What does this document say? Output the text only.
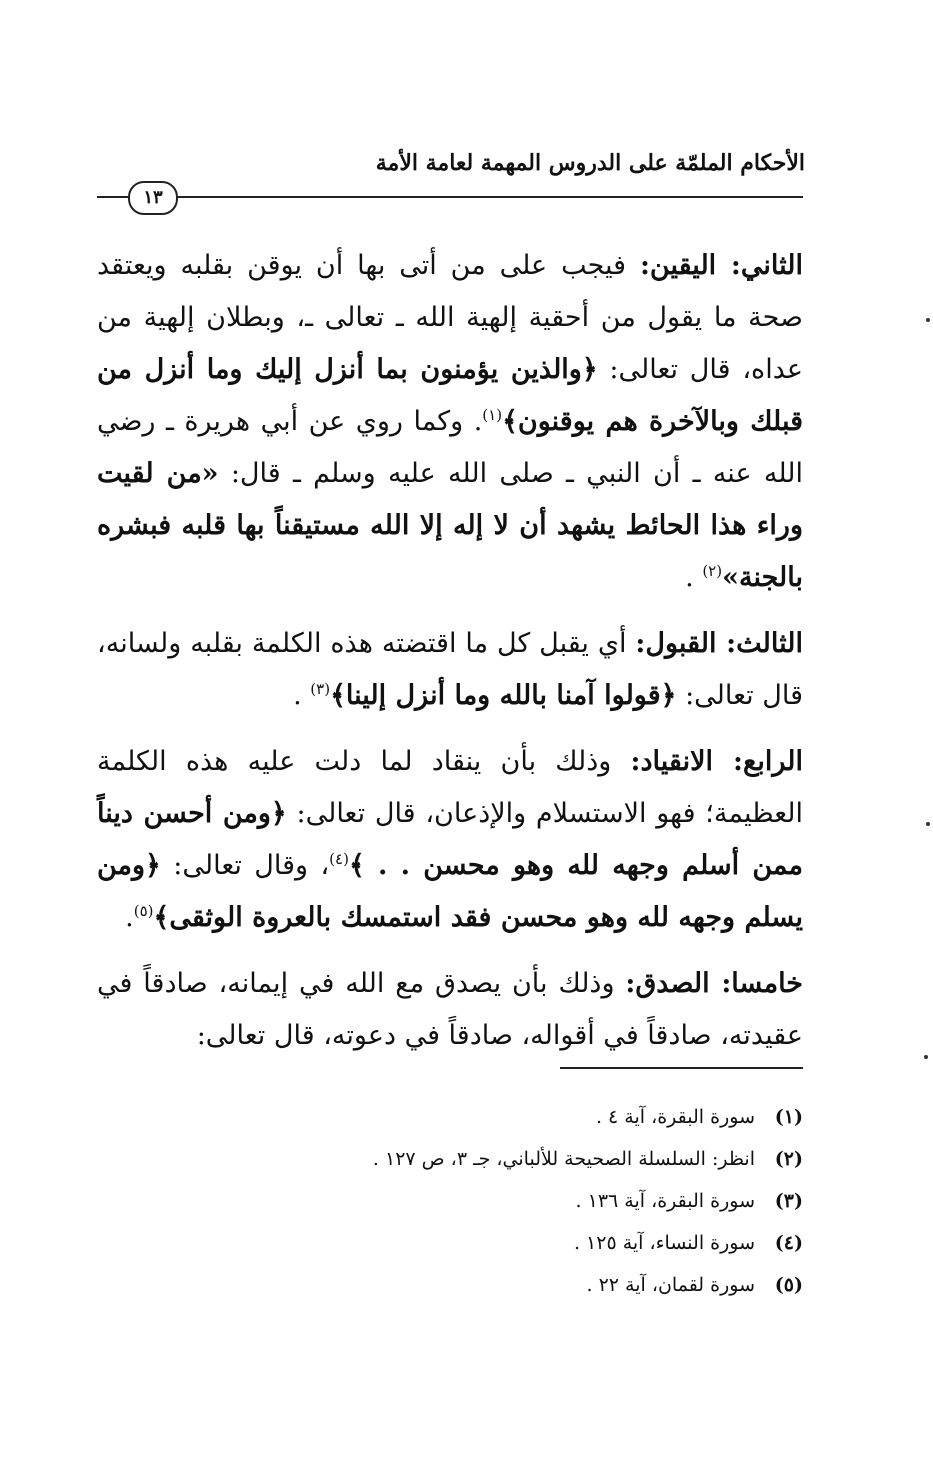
الأحكام الملمّة على الدروس المهمة لعامة الأمة
١٣

الثاني: اليقين: فيجب على من أتى بها أن يوقن بقلبه ويعتقد صحة ما يقول من أحقية إلهية الله ـ تعالى ـ، وبطلان إلهية من عداه، قال تعالى: ﴿والذين يؤمنون بما أنزل إليك وما أنزل من قبلك وبالآخرة هم يوقنون﴾$^{(١)}$. وكما روي عن أبي هريرة ـ رضي الله عنه ـ أن النبي ـ صلى الله عليه وسلم ـ قال: «من لقيت وراء هذا الحائط يشهد أن لا إله إلا الله مستيقناً بها قلبه فبشره بالجنة»$^{(٢)}$ .

الثالث: القبول: أي يقبل كل ما اقتضته هذه الكلمة بقلبه ولسانه، قال تعالى: ﴿قولوا آمنا بالله وما أنزل إلينا﴾$^{(٣)}$ .

الرابع: الانقياد: وذلك بأن ينقاد لما دلت عليه هذه الكلمة العظيمة؛ فهو الاستسلام والإذعان، قال تعالى: ﴿ومن أحسن ديناً ممن أسلم وجهه لله وهو محسن . . ﴾$^{(٤)}$، وقال تعالى: ﴿ومن يسلم وجهه لله وهو محسن فقد استمسك بالعروة الوثقى﴾$^{(٥)}$.

خامسا: الصدق: وذلك بأن يصدق مع الله في إيمانه، صادقاً في عقيدته، صادقاً في أقواله، صادقاً في دعوته، قال تعالى:

(١)سورة البقرة، آية ٤ .
(٢)انظر: السلسلة الصحيحة للألباني، جـ ٣، ص ١٢٧ .
(٣)سورة البقرة، آية ١٣٦ .
(٤)سورة النساء، آية ١٢٥ .
(٥)سورة لقمان، آية ٢٢ .
